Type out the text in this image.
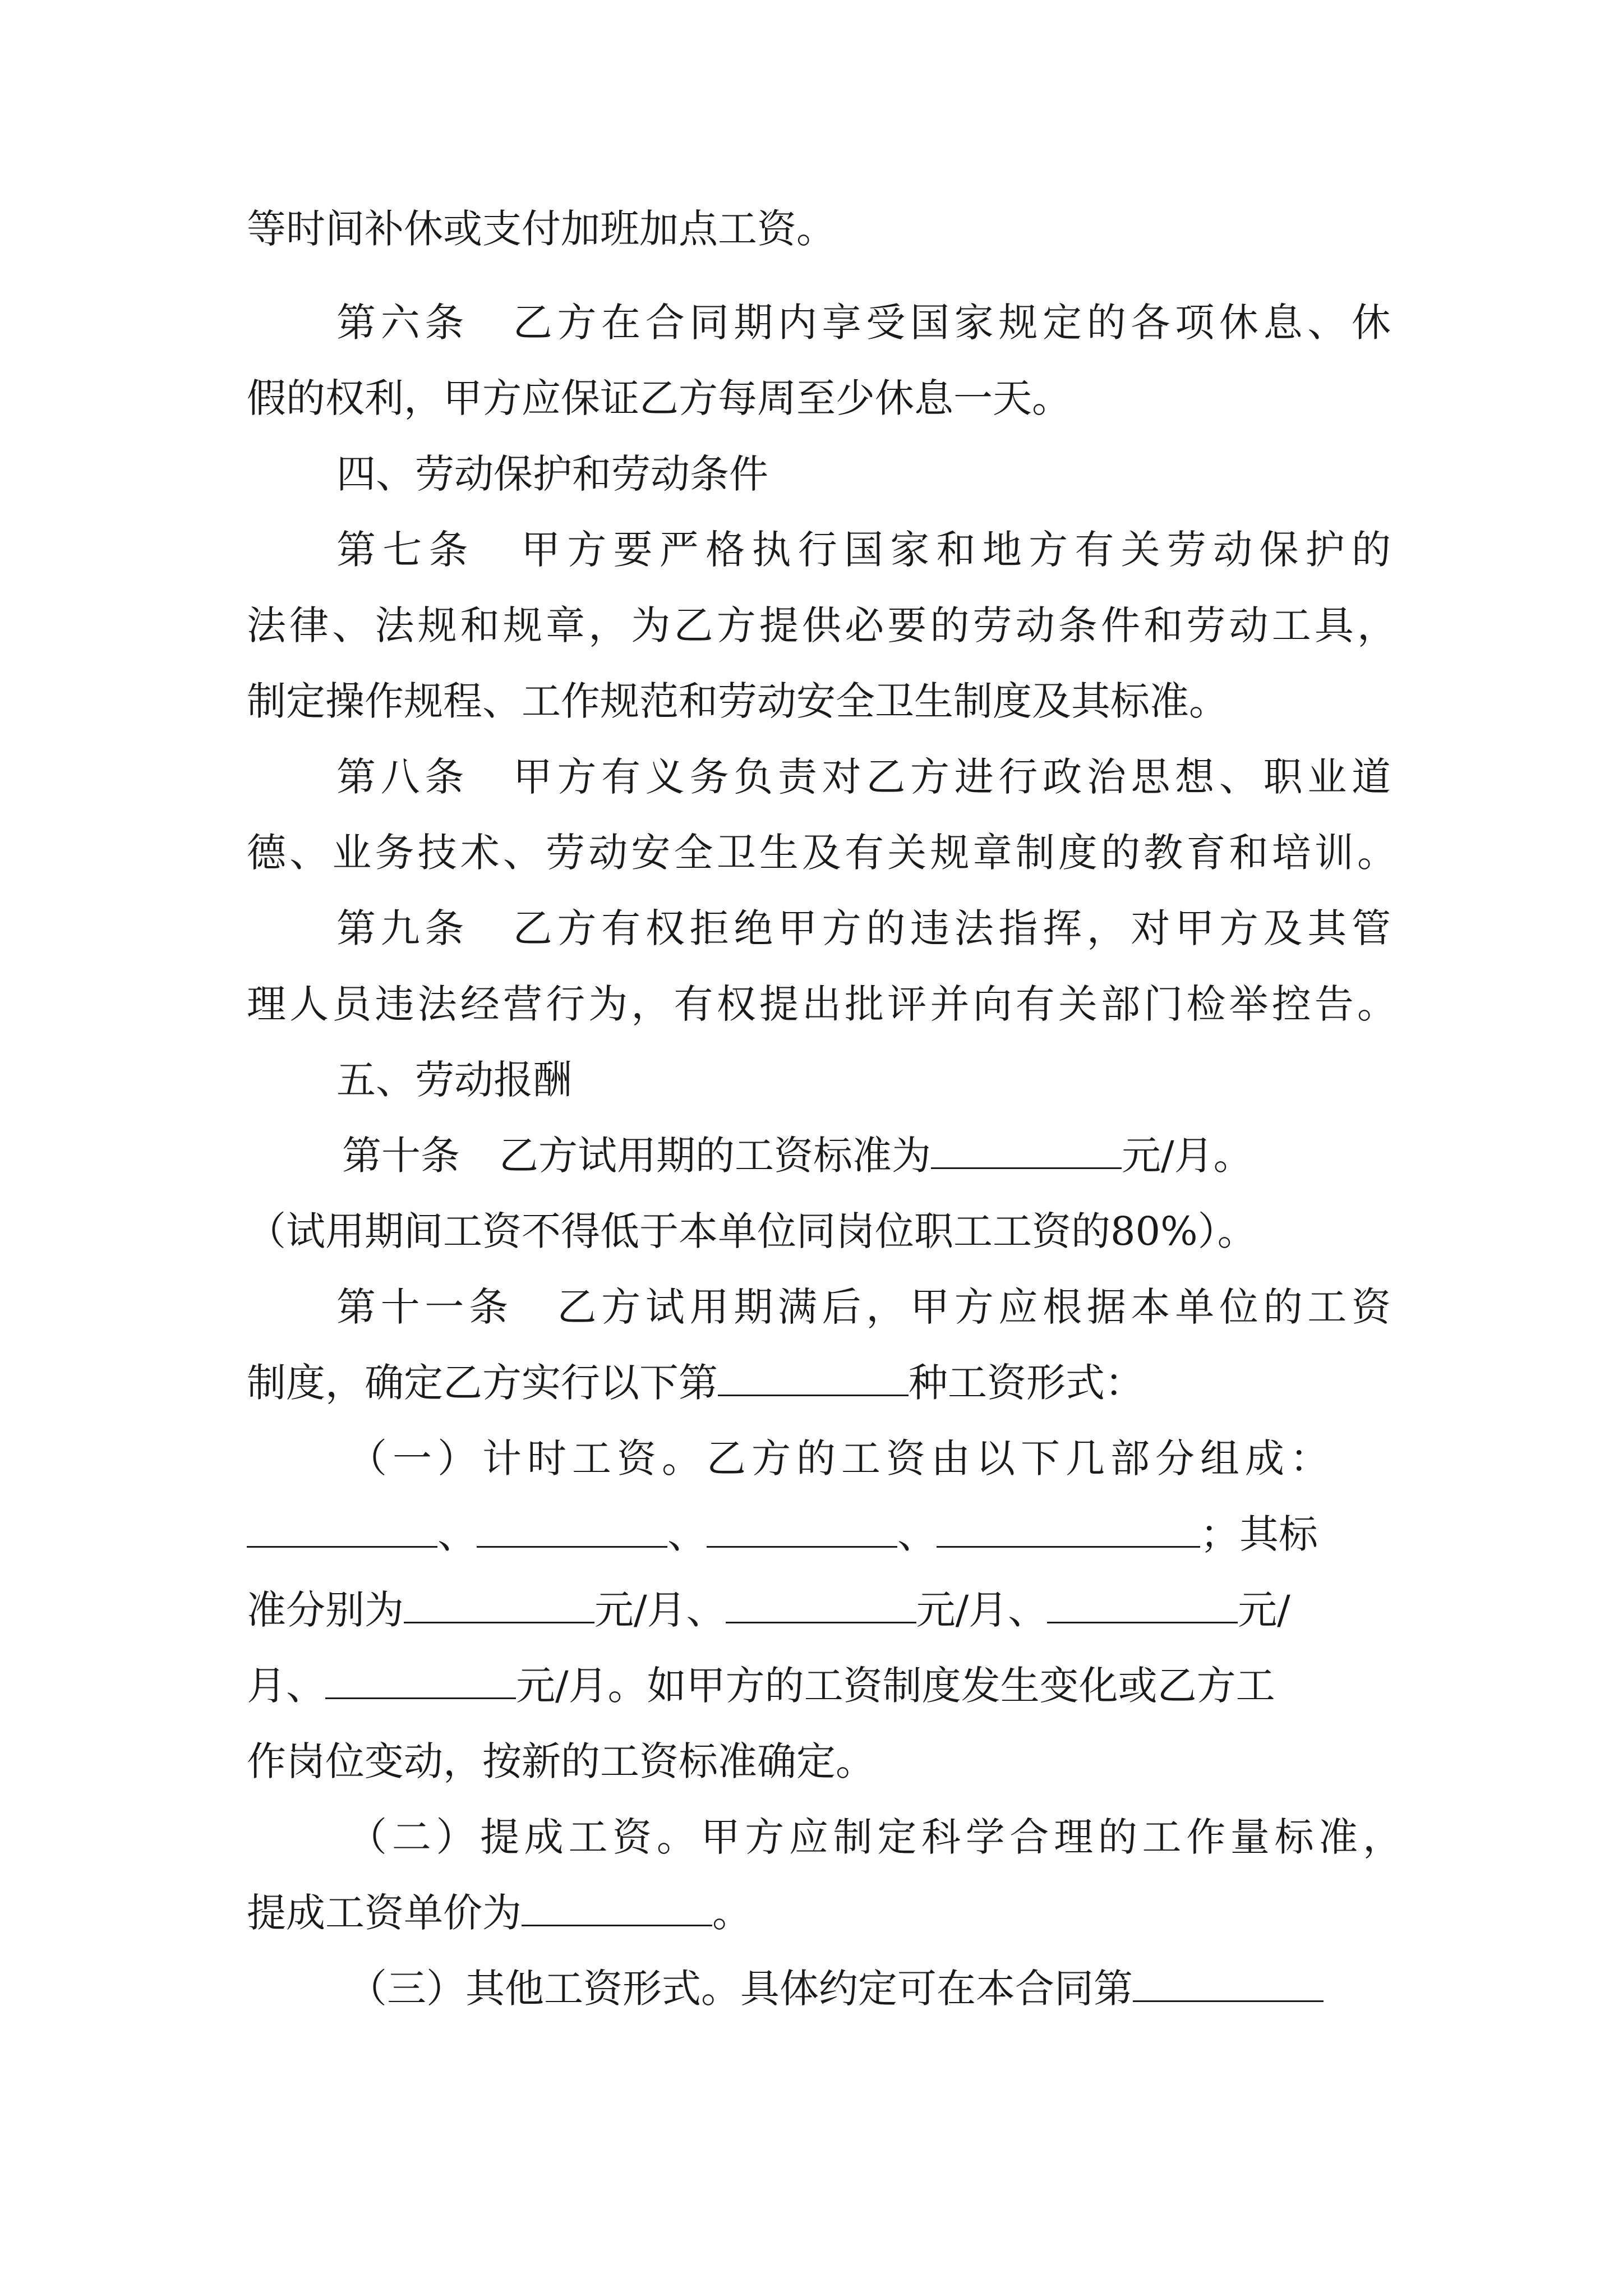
等时间补休或支付加班加点工资。
第六条　乙方在合同期内享受国家规定的各项休息、休
假的权利，甲方应保证乙方每周至少休息一天。
四、劳动保护和劳动条件
第七条　甲方要严格执行国家和地方有关劳动保护的
法律、法规和规章，为乙方提供必要的劳动条件和劳动工具，
制定操作规程、工作规范和劳动安全卫生制度及其标准。
第八条　甲方有义务负责对乙方进行政治思想、职业道
德、业务技术、劳动安全卫生及有关规章制度的教育和培训。
第九条　乙方有权拒绝甲方的违法指挥，对甲方及其管
理人员违法经营行为，有权提出批评并向有关部门检举控告。
五、劳动报酬
第十条　乙方试用期的工资标准为	元/月。
（试用期间工资不得低于本单位同岗位职工工资的80%）。
第十一条　乙方试用期满后，甲方应根据本单位的工资
制度，确定乙方实行以下第	种工资形式：
（一）计时工资。乙方的工资由以下几部分组成：
、	、	、	；其标
准分别为	元/月、	元/月、	元/
月、	元/月。如甲方的工资制度发生变化或乙方工
作岗位变动，按新的工资标准确定。
（二）提成工资。甲方应制定科学合理的工作量标准，
提成工资单价为	。
（三）其他工资形式。具体约定可在本合同第
